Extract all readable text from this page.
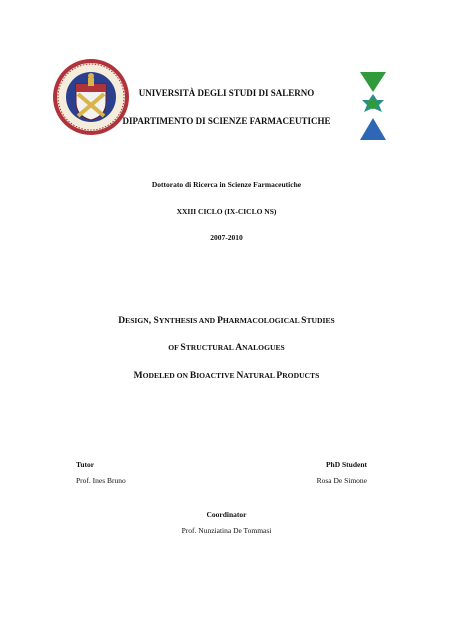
UNIVERSITÀ DEGLI STUDI DI SALERNO
DIPARTIMENTO DI SCIENZE FARMACEUTICHE
Dottorato di Ricerca in Scienze Farmaceutiche
XXIII CICLO (IX-CICLO NS)
2007-2010
DESIGN, SYNTHESIS AND PHARMACOLOGICAL STUDIES
OF STRUCTURAL ANALOGUES
MODELED ON BIOACTIVE NATURAL PRODUCTS
Tutor
Prof. Ines Bruno
PhD Student
Rosa De Simone
Coordinator
Prof. Nunziatina De Tommasi
